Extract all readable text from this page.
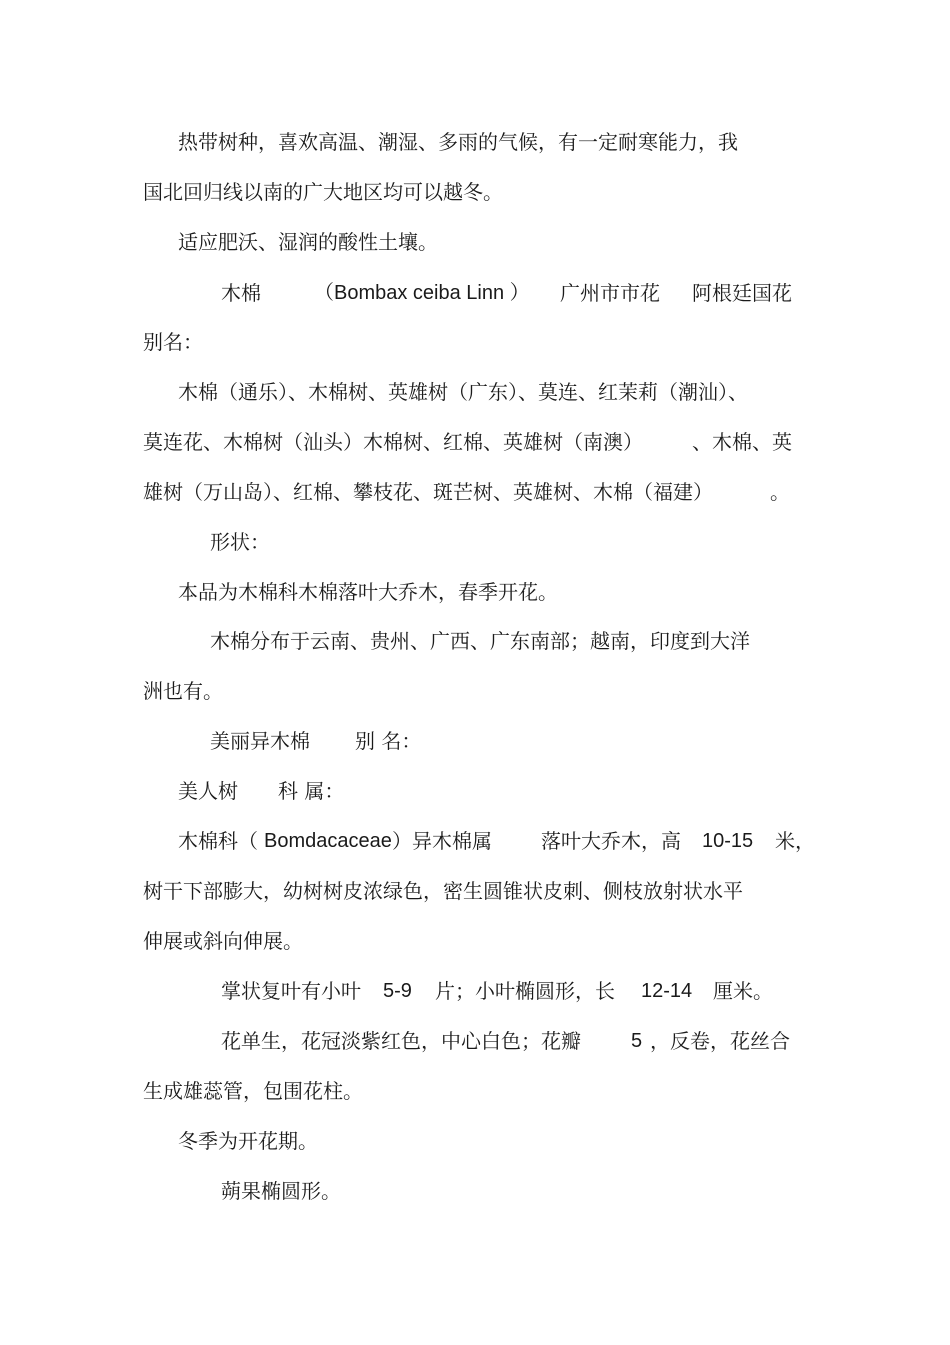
热带树种，喜欢高温、潮湿、多雨的气候，有一定耐寒能力，我
国北回归线以南的广大地区均可以越冬。
适应肥沃、湿润的酸性土壤。
木棉	（Bombax ceiba Linn ） 广州市市花 阿根廷国花
别名：
木棉（通乐）、木棉树、英雄树（广东）、莫连、红茉莉（潮汕）、
莫连花、木棉树（汕头）木棉树、红棉、英雄树（南澳） 、木棉、英
雄树（万山岛）、红棉、攀枝花、斑芒树、英雄树、木棉（福建）	。
形状：
本品为木棉科木棉落叶大乔木，春季开花。
木棉分布于云南、贵州、广西、广东南部；越南，印度到大洋
洲也有。
美丽异木棉 别 名：
美人树 科 属：
木棉科（ Bomdacaceae ）异木棉属 落叶大乔木，高 10-15 米，
树干下部膨大，幼树树皮浓绿色，密生圆锥状皮刺、侧枝放射状水平
伸展或斜向伸展。
掌状复叶有小叶 5-9 片；小叶椭圆形，长 12-14 厘米。
花单生，花冠淡紫红色，中心白色；花瓣	5 ，反卷，花丝合
生成雄蕊管，包围花柱。
冬季为开花期。
蒴果椭圆形。
